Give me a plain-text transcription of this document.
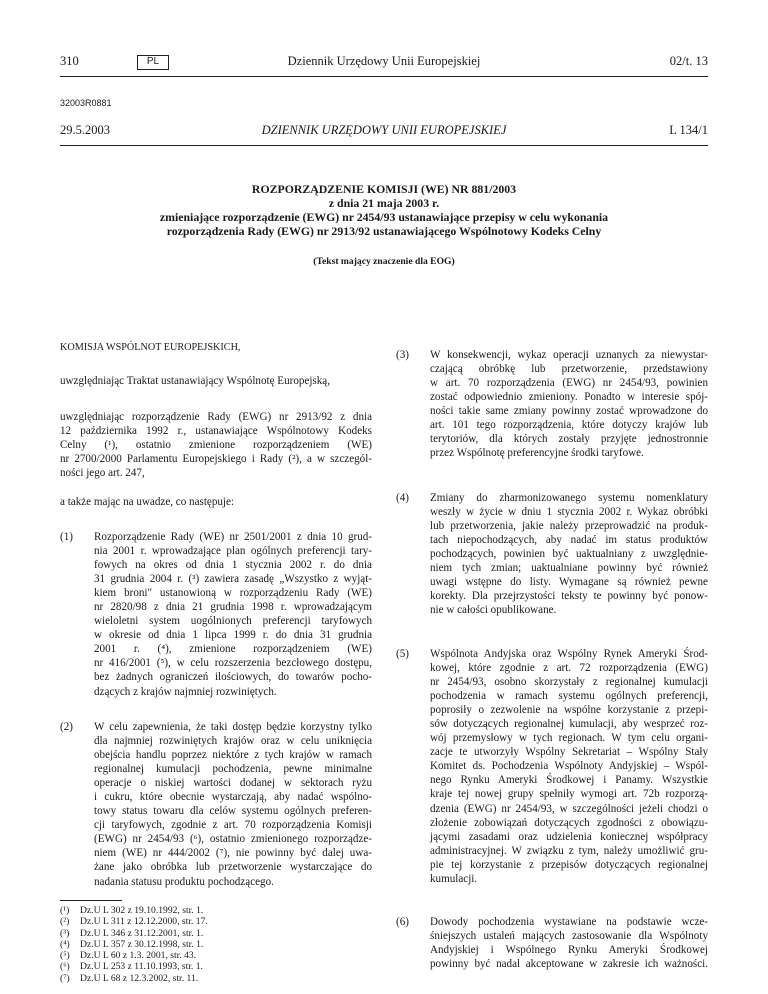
310	PL	Dziennik Urzędowy Unii Europejskiej	02/t. 13
32003R0881
29.5.2003	DZIENNIK URZĘDOWY UNII EUROPEJSKIEJ	L 134/1
ROZPORZĄDZENIE KOMISJI (WE) NR 881/2003
z dnia 21 maja 2003 r.
zmieniające rozporządzenie (EWG) nr 2454/93 ustanawiające przepisy w celu wykonania
rozporządzenia Rady (EWG) nr 2913/92 ustanawiającego Wspólnotowy Kodeks Celny
(Tekst mający znaczenie dla EOG)
KOMISJA WSPÓLNOT EUROPEJSKICH,
uwzględniając Traktat ustanawiający Wspólnotę Europejską,
uwzględniając rozporządzenie Rady (EWG) nr 2913/92 z dnia
12 października 1992 r., ustanawiające Wspólnotowy Kodeks
Celny (¹), ostatnio zmienione rozporządzeniem (WE)
nr 2700/2000 Parlamentu Europejskiego i Rady (²), a w szczegól-
ności jego art. 247,
a także mając na uwadze, co następuje:
(1) Rozporządzenie Rady (WE) nr 2501/2001 z dnia 10 grud-
nia 2001 r. wprowadzające plan ogólnych preferencji tary-
fowych na okres od dnia 1 stycznia 2002 r. do dnia
31 grudnia 2004 r. (³) zawiera zasadę „Wszystko z wyjąt-
kiem broni" ustanowioną w rozporządzeniu Rady (WE)
nr 2820/98 z dnia 21 grudnia 1998 r. wprowadzającym
wieloletni system uogólnionych preferencji taryfowych
w okresie od dnia 1 lipca 1999 r. do dnia 31 grudnia
2001 r. (⁴), zmienione rozporządzeniem (WE)
nr 416/2001 (⁵), w celu rozszerzenia bezcłowego dostępu,
bez żadnych ograniczeń ilościowych, do towarów pocho-
dzących z krajów najmniej rozwiniętych.
(2) W celu zapewnienia, że taki dostęp będzie korzystny tylko
dla najmniej rozwiniętych krajów oraz w celu uniknięcia
obejścia handlu poprzez niektóre z tych krajów w ramach
regionalnej kumulacji pochodzenia, pewne minimalne
operacje o niskiej wartości dodanej w sektorach ryżu
i cukru, które obecnie wystarczają, aby nadać wspólno-
towy status towaru dla celów systemu ogólnych preferen-
cji taryfowych, zgodnie z art. 70 rozporządzenia Komisji
(EWG) nr 2454/93 (⁶), ostatnio zmienionego rozporządze-
niem (WE) nr 444/2002 (⁷), nie powinny być dalej uwa-
żane jako obróbka lub przetworzenie wystarczające do
nadania statusu produktu pochodzącego.
(¹)	Dz.U L 302 z 19.10.1992, str. 1.
(²)	Dz.U L 311 z 12.12.2000, str. 17.
(³)	Dz.U L 346 z 31.12.2001, str. 1.
(⁴)	Dz.U L 357 z 30.12.1998, str. 1.
(⁵)	Dz.U L 60 z 1.3. 2001, str. 43.
(⁶)	Dz.U L 253 z 11.10.1993, str. 1.
(⁷)	Dz.U L 68 z 12.3.2002, str. 11.
(3) W konsekwencji, wykaz operacji uznanych za niewystar-
czającą obróbkę lub przetworzenie, przedstawiony
w art. 70 rozporządzenia (EWG) nr 2454/93, powinien
zostać odpowiednio zmieniony. Ponadto w interesie spój-
ności takie same zmiany powinny zostać wprowadzone do
art. 101 tego rozporządzenia, które dotyczy krajów lub
terytoriów, dla których zostały przyjęte jednostronnie
przez Wspólnotę preferencyjne środki taryfowe.
(4) Zmiany do zharmonizowanego systemu nomenklatury
weszły w życie w dniu 1 stycznia 2002 r. Wykaz obróbki
lub przetworzenia, jakie należy przeprowadzić na produk-
tach niepochodzących, aby nadać im status produktów
pochodzących, powinien być uaktualniany z uwzględnie-
niem tych zmian; uaktualniane powinny być również
uwagi wstępne do listy. Wymagane są również pewne
korekty. Dla przejrzystości teksty te powinny być ponow-
nie w całości opublikowane.
(5) Wspólnota Andyjska oraz Wspólny Rynek Ameryki Środ-
kowej, które zgodnie z art. 72 rozporządzenia (EWG)
nr 2454/93, osobno skorzystały z regionalnej kumulacji
pochodzenia w ramach systemu ogólnych preferencji,
poprosiły o zezwolenie na wspólne korzystanie z przepi-
sów dotyczących regionalnej kumulacji, aby wesprzeć roz-
wój przemysłowy w tych regionach. W tym celu organi-
zacje te utworzyły Wspólny Sekretariat – Wspólny Stały
Komitet ds. Pochodzenia Wspólnoty Andyjskiej – Wspól-
nego Rynku Ameryki Środkowej i Panamy. Wszystkie
kraje tej nowej grupy spełniły wymogi art. 72b rozporzą-
dzenia (EWG) nr 2454/93, w szczególności jeżeli chodzi o
złożenie zobowiązań dotyczących zgodności z obowiązu-
jącymi zasadami oraz udzielenia koniecznej współpracy
administracyjnej. W związku z tym, należy umożliwić gru-
pie tej korzystanie z przepisów dotyczących regionalnej
kumulacji.
(6) Dowody pochodzenia wystawiane na podstawie wcze-
śniejszych ustaleń mających zastosowanie dla Wspólnoty
Andyjskiej i Wspólnego Rynku Ameryki Środkowej
powinny być nadal akceptowane w zakresie ich ważności.
